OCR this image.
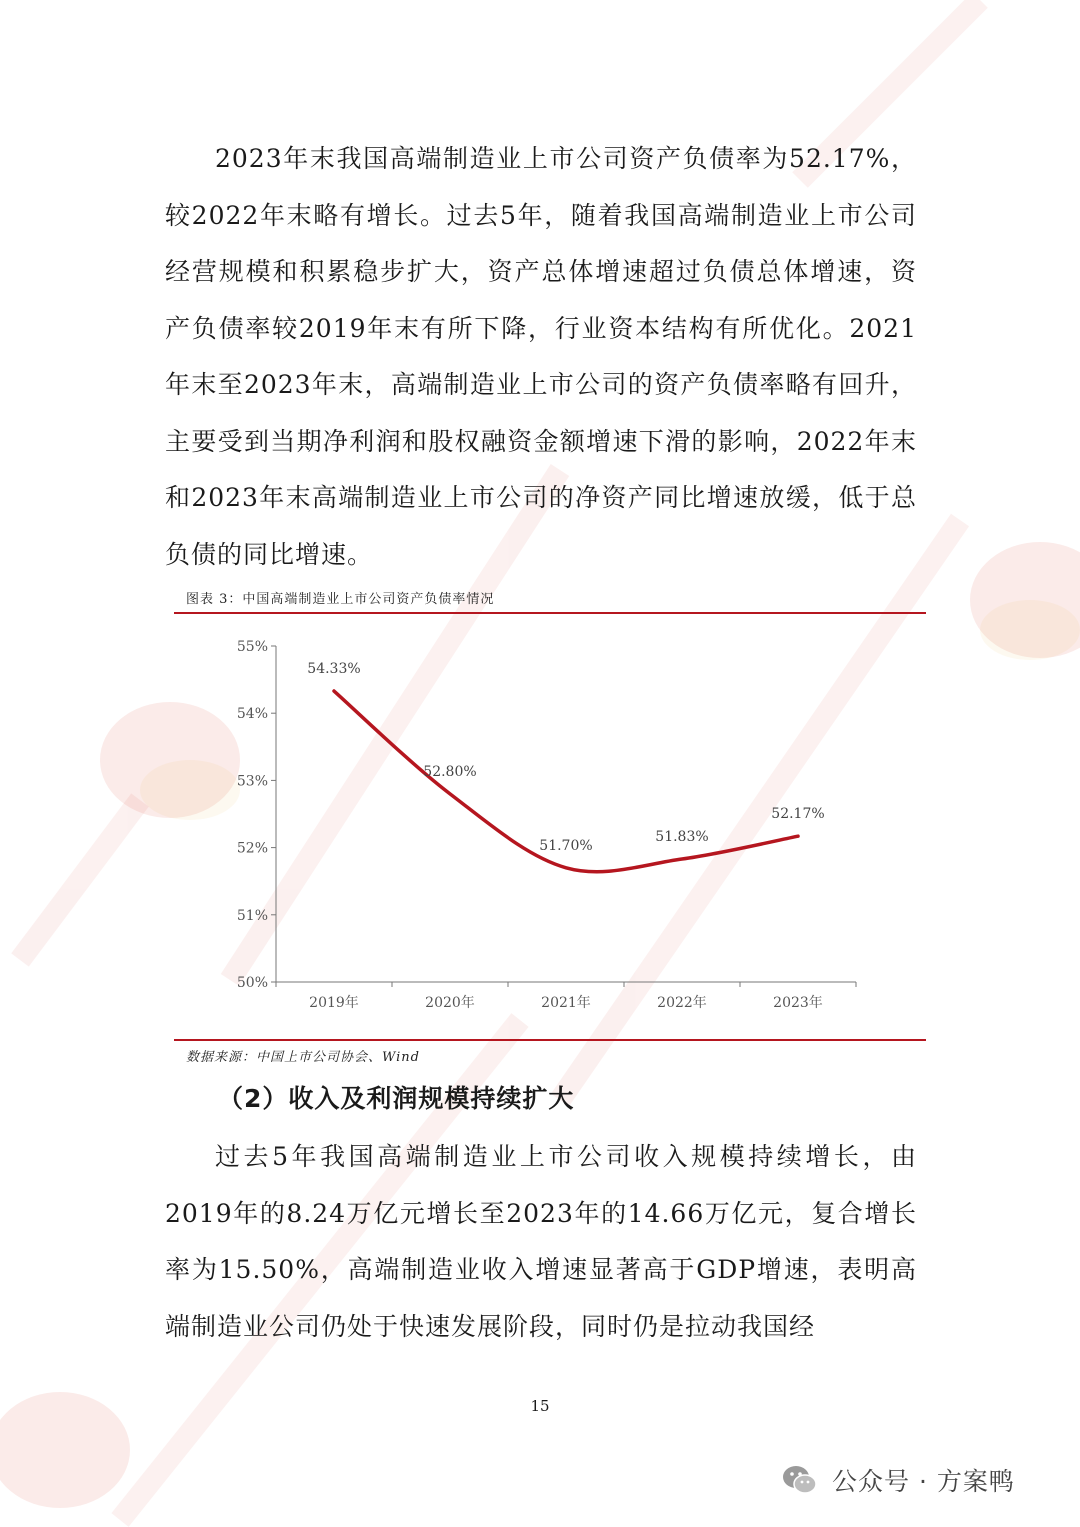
2023年末我国高端制造业上市公司资产负债率为52.17%，较2022年末略有增长。过去5年，随着我国高端制造业上市公司经营规模和积累稳步扩大，资产总体增速超过负债总体增速，资产负债率较2019年末有所下降，行业资本结构有所优化。2021年末至2023年末，高端制造业上市公司的资产负债率略有回升，主要受到当期净利润和股权融资金额增速下滑的影响，2022年末和2023年末高端制造业上市公司的净资产同比增速放缓，低于总负债的同比增速。

图表 3：中国高端制造业上市公司资产负债率情况
50%
51%
52%
53%
54%
55%
2019年	2020年	2021年	2022年	2023年
54.33%
52.80%
51.70%
51.83%
52.17%
数据来源：中国上市公司协会、Wind
（2）收入及利润规模持续扩大

过去5年我国高端制造业上市公司收入规模持续增长，由2019年的8.24万亿元增长至2023年的14.66万亿元，复合增长率为15.50%，高端制造业收入增速显著高于GDP增速，表明高端制造业公司仍处于快速发展阶段，同时仍是拉动我国经

15
公众号 · 方案鸭
